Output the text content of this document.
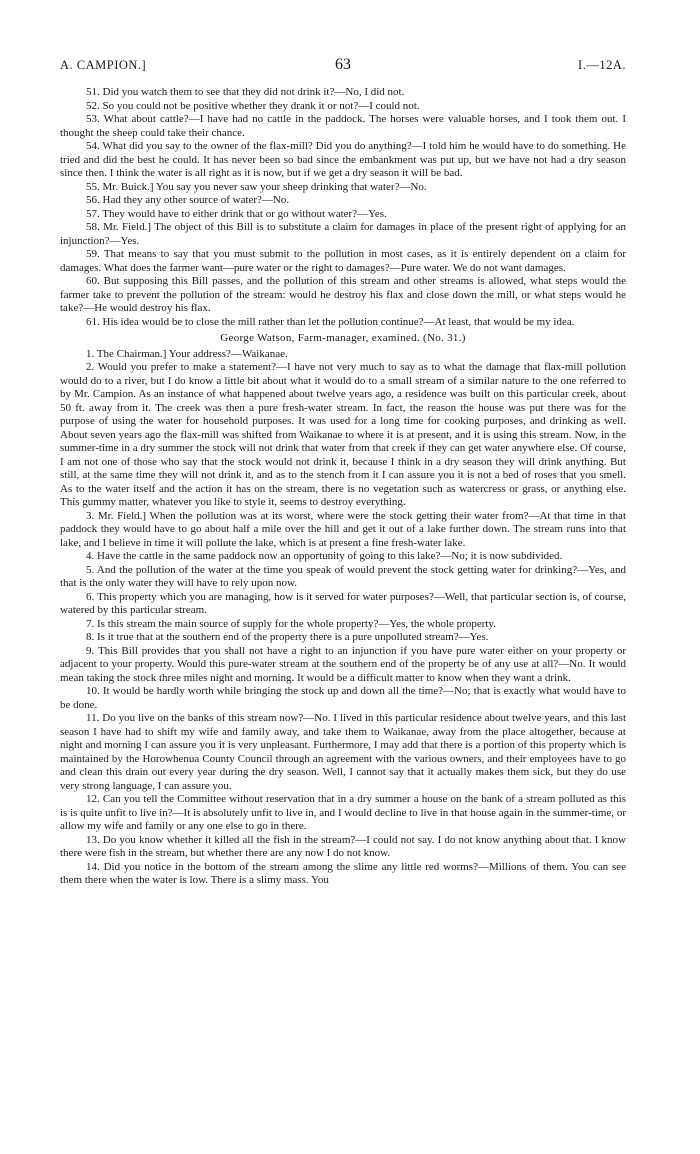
A. CAMPION.]	63	I.—12A.

51. Did you watch them to see that they did not drink it?—No, I did not.

52. So you could not be positive whether they drank it or not?—I could not.

53. What about cattle?—I have had no cattle in the paddock. The horses were valuable horses, and I took them out. I thought the sheep could take their chance.

54. What did you say to the owner of the flax-mill? Did you do anything?—I told him he would have to do something. He tried and did the best he could. It has never been so bad since the embankment was put up, but we have not had a dry season since then. I think the water is all right as it is now, but if we get a dry season it will be bad.

55. Mr. Buick.] You say you never saw your sheep drinking that water?—No.

56. Had they any other source of water?—No.

57. They would have to either drink that or go without water?—Yes.

58. Mr. Field.] The object of this Bill is to substitute a claim for damages in place of the present right of applying for an injunction?—Yes.

59. That means to say that you must submit to the pollution in most cases, as it is entirely dependent on a claim for damages. What does the farmer want—pure water or the right to damages?—Pure water. We do not want damages.

60. But supposing this Bill passes, and the pollution of this stream and other streams is allowed, what steps would the farmer take to prevent the pollution of the stream: would he destroy his flax and close down the mill, or what steps would he take?—He would destroy his flax.

61. His idea would be to close the mill rather than let the pollution continue?—At least, that would be my idea.

George Watson, Farm-manager, examined. (No. 31.)

1. The Chairman.] Your address?—Waikanae.

2. Would you prefer to make a statement?—I have not very much to say as to what the damage that flax-mill pollution would do to a river, but I do know a little bit about what it would do to a small stream of a similar nature to the one referred to by Mr. Campion. As an instance of what happened about twelve years ago, a residence was built on this particular creek, about 50 ft. away from it. The creek was then a pure fresh-water stream. In fact, the reason the house was put there was for the purpose of using the water for household purposes. It was used for a long time for cooking purposes, and drinking as well. About seven years ago the flax-mill was shifted from Waikanae to where it is at present, and it is using this stream. Now, in the summer-time in a dry summer the stock will not drink that water from that creek if they can get water anywhere else. Of course, I am not one of those who say that the stock would not drink it, because I think in a dry season they will drink anything. But still, at the same time they will not drink it, and as to the stench from it I can assure you it is not a bed of roses that you smell. As to the water itself and the action it has on the stream, there is no vegetation such as watercress or grass, or anything else. This gummy matter, whatever you like to style it, seems to destroy everything.

3. Mr. Field.] When the pollution was at its worst, where were the stock getting their water from?—At that time in that paddock they would have to go about half a mile over the hill and get it out of a lake further down. The stream runs into that lake, and I believe in time it will pollute the lake, which is at present a fine fresh-water lake.

4. Have the cattle in the same paddock now an opportunity of going to this lake?—No; it is now subdivided.

5. And the pollution of the water at the time you speak of would prevent the stock getting water for drinking?—Yes, and that is the only water they will have to rely upon now.

6. This property which you are managing, how is it served for water purposes?—Well, that particular section is, of course, watered by this particular stream.

7. Is this stream the main source of supply for the whole property?—Yes, the whole property.

8. Is it true that at the southern end of the property there is a pure unpolluted stream?—Yes.

9. This Bill provides that you shall not have a right to an injunction if you have pure water either on your property or adjacent to your property. Would this pure-water stream at the southern end of the property be of any use at all?—No. It would mean taking the stock three miles night and morning. It would be a difficult matter to know when they want a drink.

10. It would be hardly worth while bringing the stock up and down all the time?—No; that is exactly what would have to be done.

11. Do you live on the banks of this stream now?—No. I lived in this particular residence about twelve years, and this last season I have had to shift my wife and family away, and take them to Waikanae, away from the place altogether, because at night and morning I can assure you it is very unpleasant. Furthermore, I may add that there is a portion of this property which is maintained by the Horowhenua County Council through an agreement with the various owners, and their employees have to go and clean this drain out every year during the dry season. Well, I cannot say that it actually makes them sick, but they do use very strong language, I can assure you.

12. Can you tell the Committee without reservation that in a dry summer a house on the bank of a stream polluted as this is is quite unfit to live in?—It is absolutely unfit to live in, and I would decline to live in that house again in the summer-time, or allow my wife and family or any one else to go in there.

13. Do you know whether it killed all the fish in the stream?—I could not say. I do not know anything about that. I know there were fish in the stream, but whether there are any now I do not know.

14. Did you notice in the bottom of the stream among the slime any little red worms?—Millions of them. You can see them there when the water is low. There is a slimy mass. You
